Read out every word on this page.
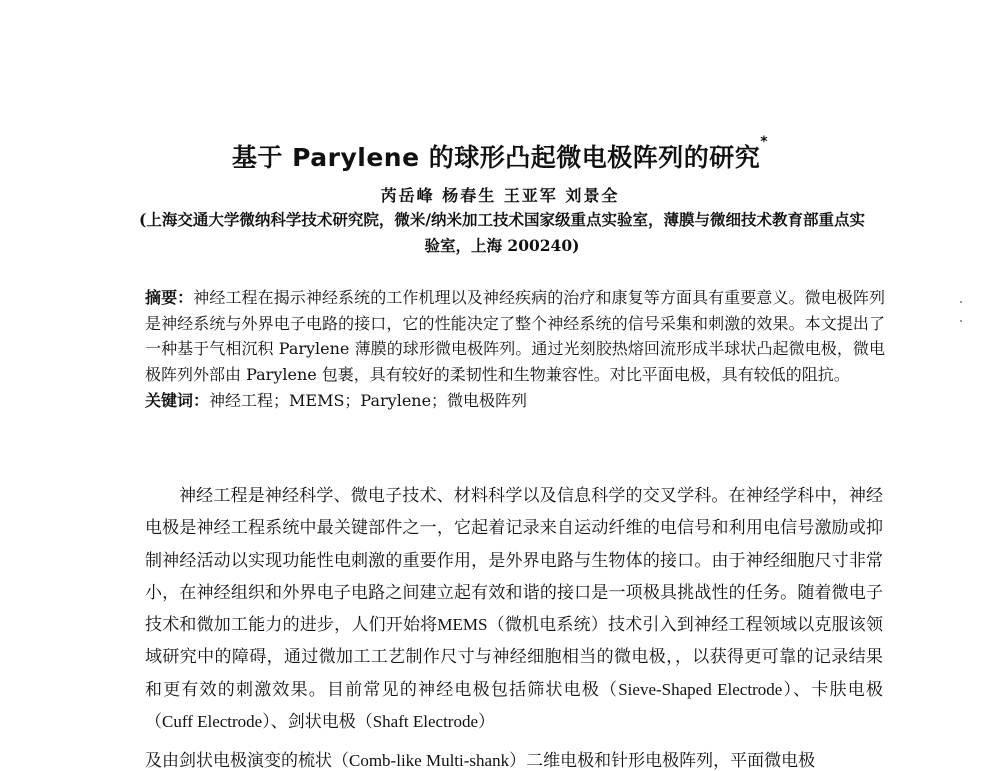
基于 Parylene 的球形凸起微电极阵列的研究*
芮岳峰 杨春生 王亚军 刘景全
(上海交通大学微纳科学技术研究院，微米/纳米加工技术国家级重点实验室，薄膜与微细技术教育部重点实验室，上海 200240)

摘要：神经工程在揭示神经系统的工作机理以及神经疾病的治疗和康复等方面具有重要意义。微电极阵列是神经系统与外界电子电路的接口，它的性能决定了整个神经系统的信号采集和刺激的效果。本文提出了一种基于气相沉积 Parylene 薄膜的球形微电极阵列。通过光刻胶热熔回流形成半球状凸起微电极，微电极阵列外部由 Parylene 包裹，具有较好的柔韧性和生物兼容性。对比平面电极，具有较低的阻抗。

关键词：神经工程；MEMS；Parylene；微电极阵列

神经工程是神经科学、微电子技术、材料科学以及信息科学的交叉学科。在神经学科中，神经电极是神经工程系统中最关键部件之一，它起着记录来自运动纤维的电信号和利用电信号激励或抑制神经活动以实现功能性电刺激的重要作用，是外界电路与生物体的接口。由于神经细胞尺寸非常小，在神经组织和外界电子电路之间建立起有效和谐的接口是一项极具挑战性的任务。随着微电子技术和微加工能力的进步，人们开始将MEMS（微机电系统）技术引入到神经工程领域以克服该领域研究中的障碍，通过微加工工艺制作尺寸与神经细胞相当的微电极，，以获得更可靠的记录结果和更有效的刺激效果。目前常见的神经电极包括筛状电极（Sieve-Shaped Electrode）、卡肤电极（Cuff Electrode）、剑状电极（Shaft Electrode）

及由剑状电极演变的梳状（Comb-like Multi-shank）二维电极和针形电极阵列，平面微电极
